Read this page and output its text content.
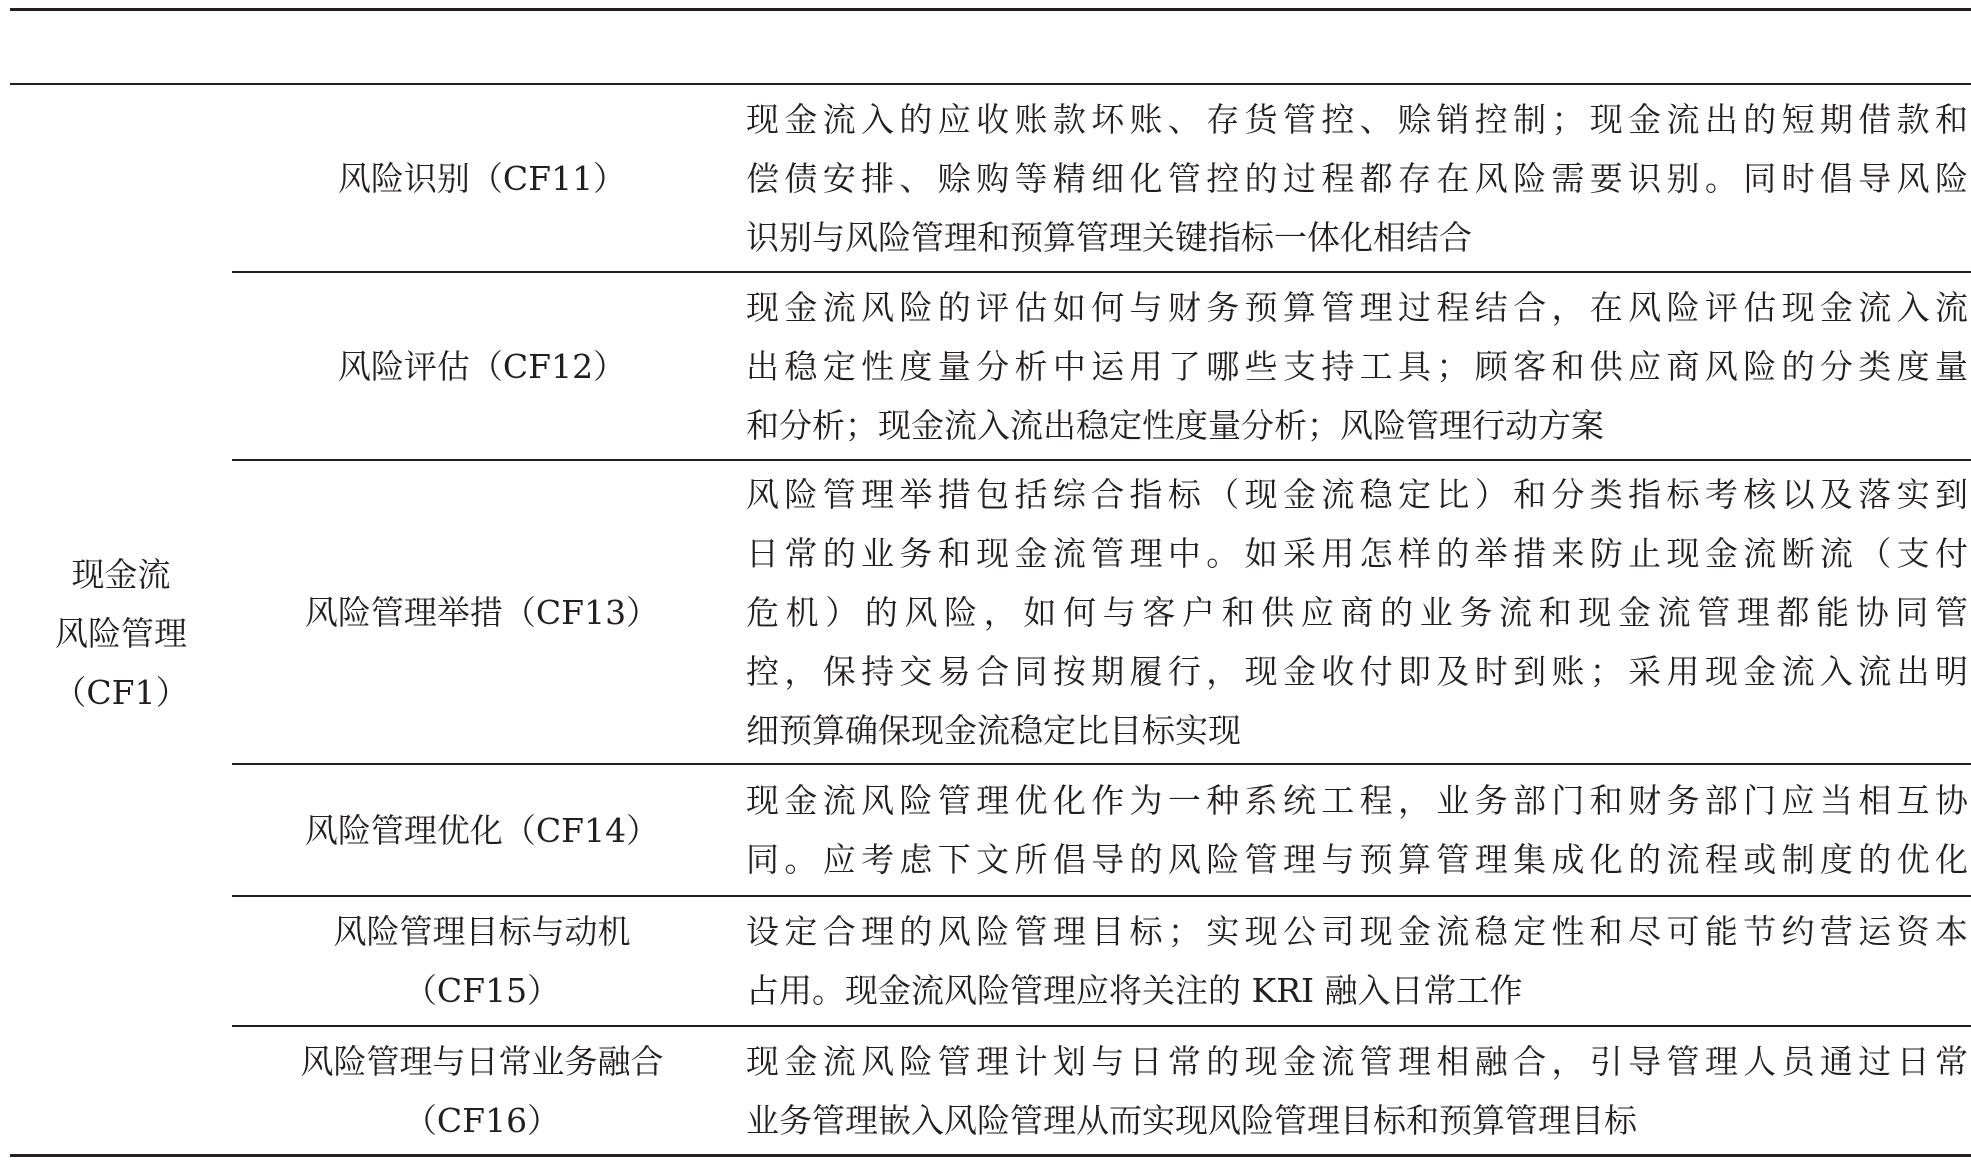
现金流
风险管理
（CF1）
风险识别（CF11）
现金流入的应收账款坏账、存货管控、赊销控制；现金流出的短期借款和
偿债安排、赊购等精细化管控的过程都存在风险需要识别。同时倡导风险
识别与风险管理和预算管理关键指标一体化相结合
风险评估（CF12）
现金流风险的评估如何与财务预算管理过程结合，在风险评估现金流入流
出稳定性度量分析中运用了哪些支持工具；顾客和供应商风险的分类度量
和分析；现金流入流出稳定性度量分析；风险管理行动方案
风险管理举措（CF13）
风险管理举措包括综合指标（现金流稳定比）和分类指标考核以及落实到
日常的业务和现金流管理中。如采用怎样的举措来防止现金流断流（支付
危机）的风险，如何与客户和供应商的业务流和现金流管理都能协同管
控，保持交易合同按期履行，现金收付即及时到账；采用现金流入流出明
细预算确保现金流稳定比目标实现
风险管理优化（CF14）
现金流风险管理优化作为一种系统工程，业务部门和财务部门应当相互协
同。应考虑下文所倡导的风险管理与预算管理集成化的流程或制度的优化
风险管理目标与动机
（CF15）
设定合理的风险管理目标；实现公司现金流稳定性和尽可能节约营运资本
占用。现金流风险管理应将关注的 KRI 融入日常工作
风险管理与日常业务融合
（CF16）
现金流风险管理计划与日常的现金流管理相融合，引导管理人员通过日常
业务管理嵌入风险管理从而实现风险管理目标和预算管理目标
